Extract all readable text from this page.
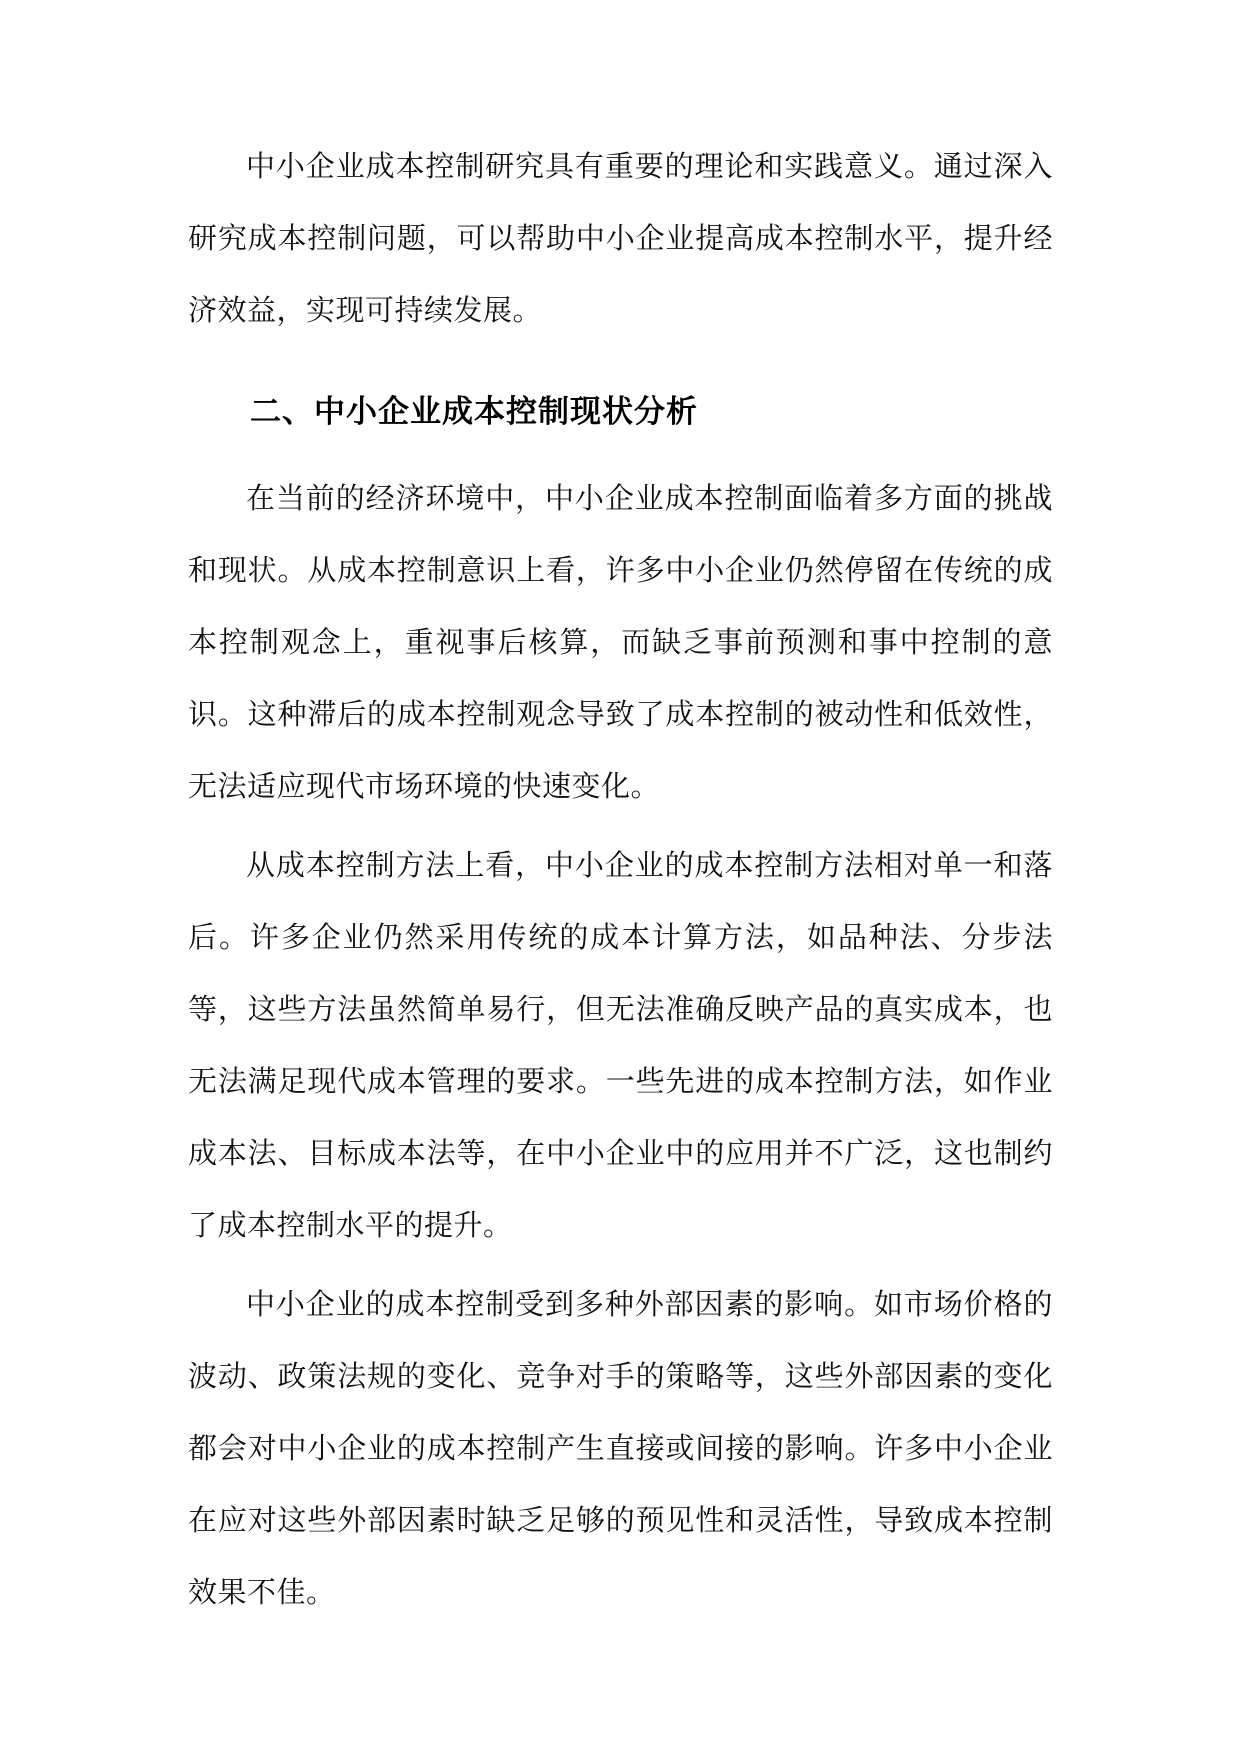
中小企业成本控制研究具有重要的理论和实践意义。通过深入研究成本控制问题，可以帮助中小企业提高成本控制水平，提升经济效益，实现可持续发展。

二、中小企业成本控制现状分析

在当前的经济环境中，中小企业成本控制面临着多方面的挑战和现状。从成本控制意识上看，许多中小企业仍然停留在传统的成本控制观念上，重视事后核算，而缺乏事前预测和事中控制的意识。这种滞后的成本控制观念导致了成本控制的被动性和低效性，无法适应现代市场环境的快速变化。

从成本控制方法上看，中小企业的成本控制方法相对单一和落后。许多企业仍然采用传统的成本计算方法，如品种法、分步法等，这些方法虽然简单易行，但无法准确反映产品的真实成本，也无法满足现代成本管理的要求。一些先进的成本控制方法，如作业成本法、目标成本法等，在中小企业中的应用并不广泛，这也制约了成本控制水平的提升。

中小企业的成本控制受到多种外部因素的影响。如市场价格的波动、政策法规的变化、竞争对手的策略等，这些外部因素的变化都会对中小企业的成本控制产生直接或间接的影响。许多中小企业在应对这些外部因素时缺乏足够的预见性和灵活性，导致成本控制效果不佳。
